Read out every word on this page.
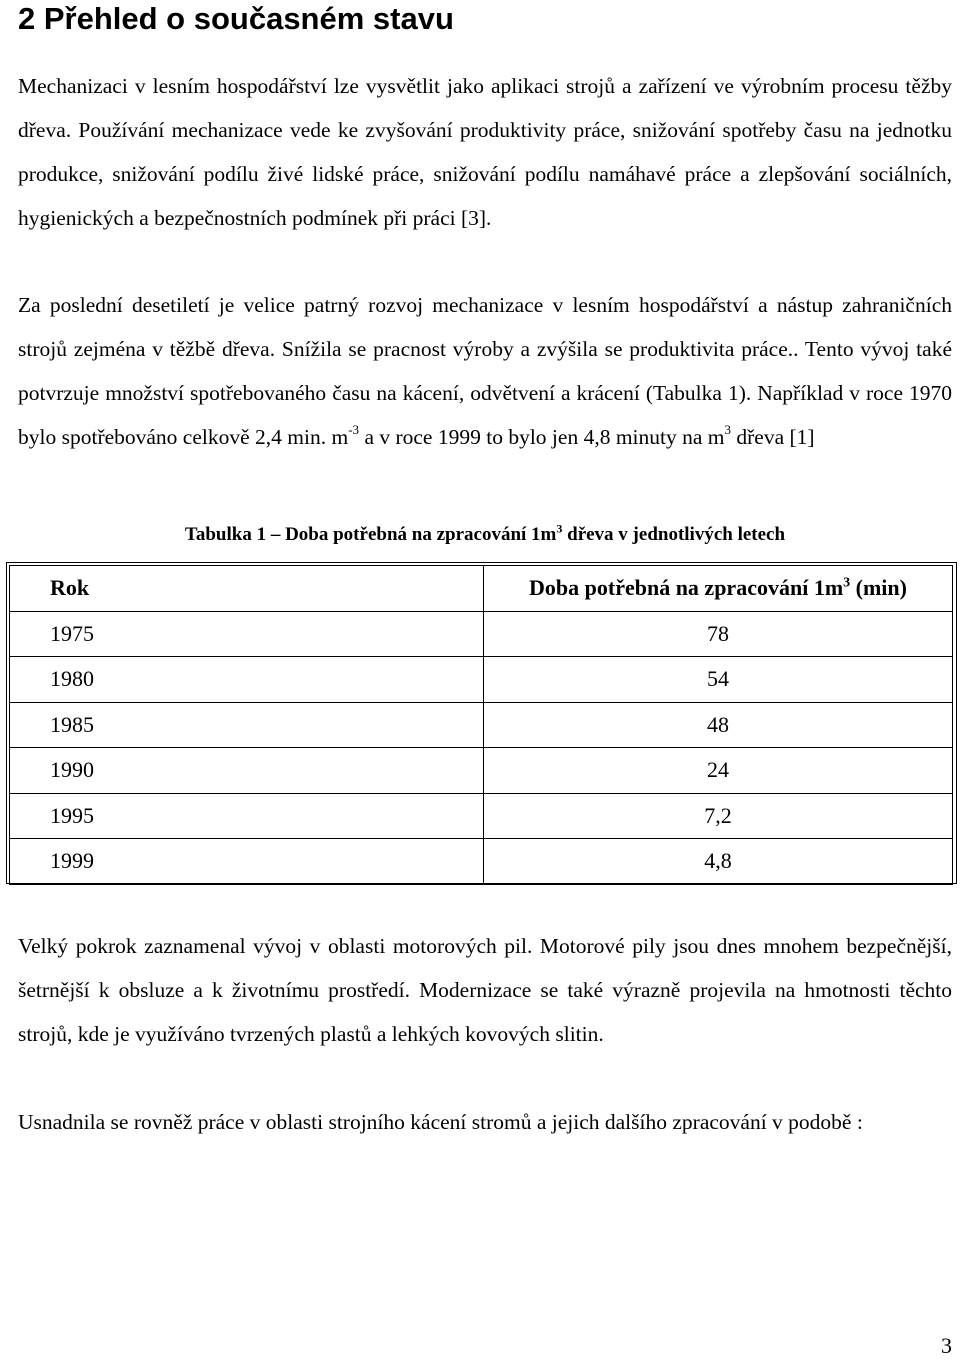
2 Přehled o současném stavu
Mechanizaci v lesním hospodářství lze vysvětlit jako aplikaci strojů a zařízení ve výrobním procesu těžby dřeva. Používání mechanizace vede ke zvyšování produktivity práce, snižování spotřeby času na jednotku produkce, snižování podílu živé lidské práce, snižování podílu namáhavé práce a zlepšování sociálních, hygienických a bezpečnostních podmínek při práci [3].
Za poslední desetiletí je velice patrný rozvoj mechanizace v lesním hospodářství a nástup zahraničních strojů zejména v těžbě dřeva. Snížila se pracnost výroby a zvýšila se produktivita práce.. Tento vývoj také potvrzuje množství spotřebovaného času na kácení, odvětvení a krácení (Tabulka 1). Například v roce 1970 bylo spotřebováno celkově 2,4 min. $m^{-3}$ a v roce 1999 to bylo jen 4,8 minuty na $m^3$ dřeva [1]
Tabulka 1 – Doba potřebná na zpracování $1m^3$ dřeva v jednotlivých letech
Rok	Doba potřebná na zpracování $1m^3$ (min)
1975	78
1980	54
1985	48
1990	24
1995	7,2
1999	4,8
Velký pokrok zaznamenal vývoj v oblasti motorových pil. Motorové pily jsou dnes mnohem bezpečnější, šetrnější k obsluze a k životnímu prostředí. Modernizace se také výrazně projevila na hmotnosti těchto strojů, kde je využíváno tvrzených plastů a lehkých kovových slitin.
Usnadnila se rovněž práce v oblasti strojního kácení stromů a jejich dalšího zpracování v podobě :
3
